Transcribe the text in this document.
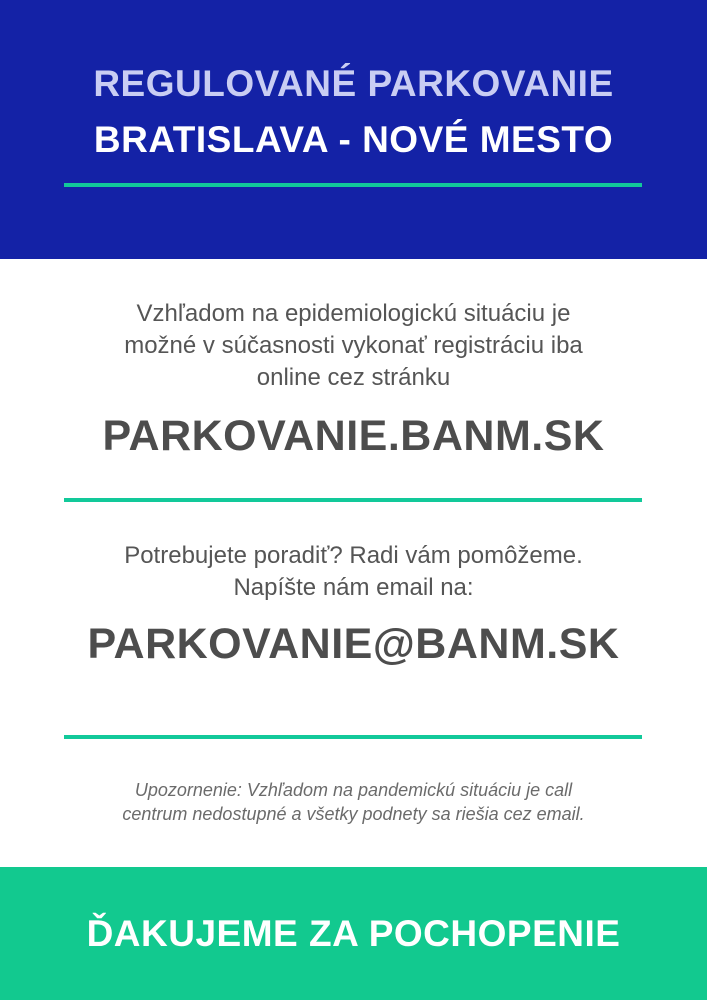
REGULOVANÉ PARKOVANIE
BRATISLAVA - NOVÉ MESTO
Vzhľadom na epidemiologickú situáciu je
možné v súčasnosti vykonať registráciu iba
online cez stránku
PARKOVANIE.BANM.SK
Potrebujete poradiť? Radi vám pomôžeme.
Napíšte nám email na:
PARKOVANIE@BANM.SK
Upozornenie: Vzhľadom na pandemickú situáciu je call
centrum nedostupné a všetky podnety sa riešia cez email.
ĎAKUJEME ZA POCHOPENIE
